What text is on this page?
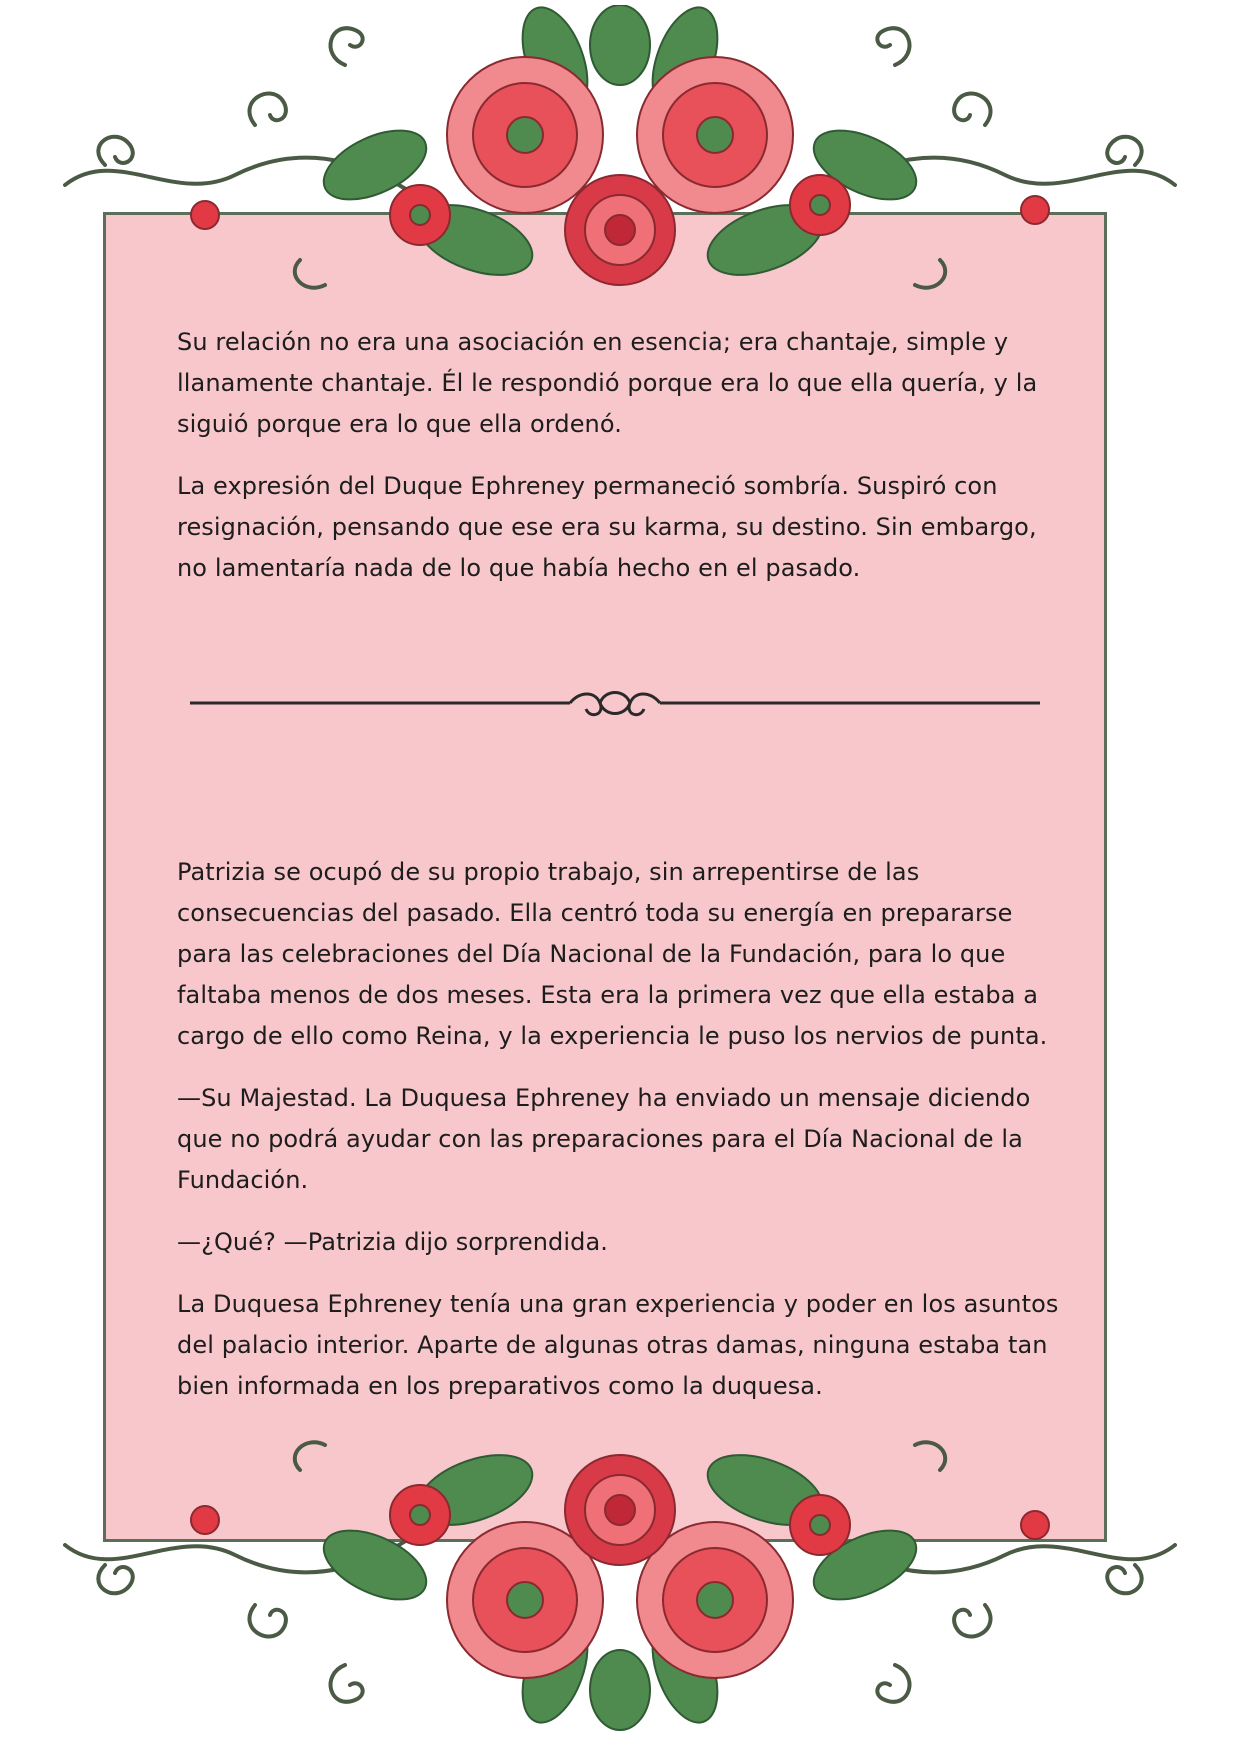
Su relación no era una asociación en esencia; era chantaje, simple y llanamente chantaje. Él le respondió porque era lo que ella quería, y la siguió porque era lo que ella ordenó.

La expresión del Duque Ephreney permaneció sombría. Suspiró con resignación, pensando que ese era su karma, su destino. Sin embargo, no lamentaría nada de lo que había hecho en el pasado.

Patrizia se ocupó de su propio trabajo, sin arrepentirse de las consecuencias del pasado. Ella centró toda su energía en prepararse para las celebraciones del Día Nacional de la Fundación, para lo que faltaba menos de dos meses. Esta era la primera vez que ella estaba a cargo de ello como Reina, y la experiencia le puso los nervios de punta.

—Su Majestad. La Duquesa Ephreney ha enviado un mensaje diciendo que no podrá ayudar con las preparaciones para el Día Nacional de la Fundación.

—¿Qué? —Patrizia dijo sorprendida.

La Duquesa Ephreney tenía una gran experiencia y poder en los asuntos del palacio interior. Aparte de algunas otras damas, ninguna estaba tan bien informada en los preparativos como la duquesa.
